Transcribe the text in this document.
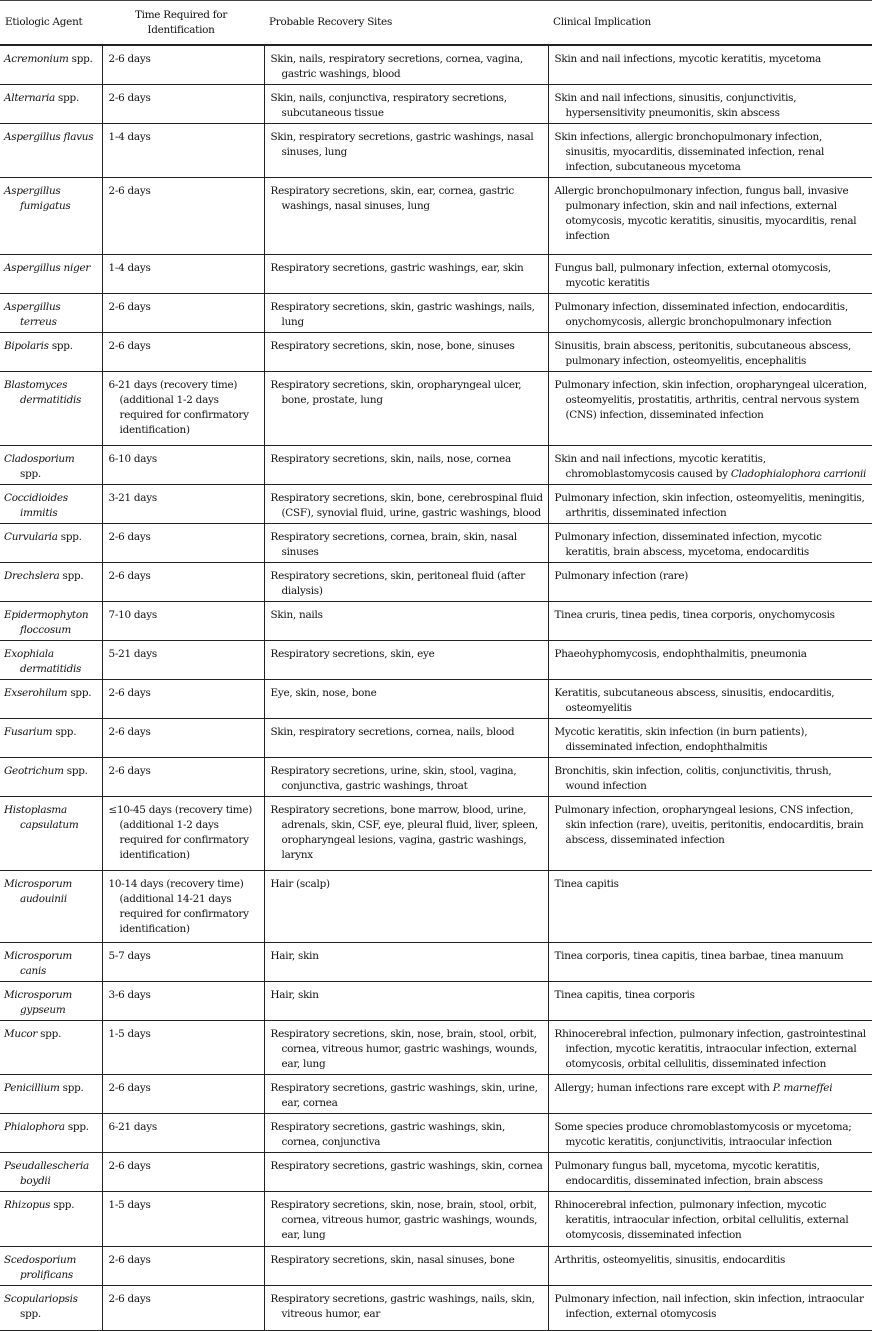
Etiologic Agent	Time Required for Identification	Probable Recovery Sites	Clinical Implication

Acremonium spp.	2-6 days	Skin, nails, respiratory secretions, cornea, vagina, gastric washings, blood	Skin and nail infections, mycotic keratitis, mycetoma

Alternaria spp.	2-6 days	Skin, nails, conjunctiva, respiratory secretions, subcutaneous tissue	Skin and nail infections, sinusitis, conjunctivitis, hypersensitivity pneumonitis, skin abscess

Aspergillus flavus	1-4 days	Skin, respiratory secretions, gastric washings, nasal sinuses, lung	Skin infections, allergic bronchopulmonary infection, sinusitis, myocarditis, disseminated infection, renal infection, subcutaneous mycetoma

Aspergillus fumigatus	2-6 days	Respiratory secretions, skin, ear, cornea, gastric washings, nasal sinuses, lung	Allergic bronchopulmonary infection, fungus ball, invasive pulmonary infection, skin and nail infections, external otomycosis, mycotic keratitis, sinusitis, myocarditis, renal infection

Aspergillus niger	1-4 days	Respiratory secretions, gastric washings, ear, skin	Fungus ball, pulmonary infection, external otomycosis, mycotic keratitis

Aspergillus terreus	2-6 days	Respiratory secretions, skin, gastric washings, nails, lung	Pulmonary infection, disseminated infection, endocarditis, onychomycosis, allergic bronchopulmonary infection

Bipolaris spp.	2-6 days	Respiratory secretions, skin, nose, bone, sinuses	Sinusitis, brain abscess, peritonitis, subcutaneous abscess, pulmonary infection, osteomyelitis, encephalitis

Blastomyces dermatitidis	6-21 days (recovery time) (additional 1-2 days required for confirmatory identification)	Respiratory secretions, skin, oropharyngeal ulcer, bone, prostate, lung	Pulmonary infection, skin infection, oropharyngeal ulceration, osteomyelitis, prostatitis, arthritis, central nervous system (CNS) infection, disseminated infection

Cladosporium spp.	6-10 days	Respiratory secretions, skin, nails, nose, cornea	Skin and nail infections, mycotic keratitis, chromoblastomycosis caused by Cladophialophora carrionii

Coccidioides immitis	3-21 days	Respiratory secretions, skin, bone, cerebrospinal fluid (CSF), synovial fluid, urine, gastric washings, blood	Pulmonary infection, skin infection, osteomyelitis, meningitis, arthritis, disseminated infection

Curvularia spp.	2-6 days	Respiratory secretions, cornea, brain, skin, nasal sinuses	Pulmonary infection, disseminated infection, mycotic keratitis, brain abscess, mycetoma, endocarditis

Drechslera spp.	2-6 days	Respiratory secretions, skin, peritoneal fluid (after dialysis)	Pulmonary infection (rare)

Epidermophyton floccosum	7-10 days	Skin, nails	Tinea cruris, tinea pedis, tinea corporis, onychomycosis

Exophiala dermatitidis	5-21 days	Respiratory secretions, skin, eye	Phaeohyphomycosis, endophthalmitis, pneumonia

Exserohilum spp.	2-6 days	Eye, skin, nose, bone	Keratitis, subcutaneous abscess, sinusitis, endocarditis, osteomyelitis

Fusarium spp.	2-6 days	Skin, respiratory secretions, cornea, nails, blood	Mycotic keratitis, skin infection (in burn patients), disseminated infection, endophthalmitis

Geotrichum spp.	2-6 days	Respiratory secretions, urine, skin, stool, vagina, conjunctiva, gastric washings, throat	Bronchitis, skin infection, colitis, conjunctivitis, thrush, wound infection

Histoplasma capsulatum	≤10-45 days (recovery time) (additional 1-2 days required for confirmatory identification)	Respiratory secretions, bone marrow, blood, urine, adrenals, skin, CSF, eye, pleural fluid, liver, spleen, oropharyngeal lesions, vagina, gastric washings, larynx	Pulmonary infection, oropharyngeal lesions, CNS infection, skin infection (rare), uveitis, peritonitis, endocarditis, brain abscess, disseminated infection

Microsporum audouinii	10-14 days (recovery time) (additional 14-21 days required for confirmatory identification)	Hair (scalp)	Tinea capitis

Microsporum canis	5-7 days	Hair, skin	Tinea corporis, tinea capitis, tinea barbae, tinea manuum

Microsporum gypseum	3-6 days	Hair, skin	Tinea capitis, tinea corporis

Mucor spp.	1-5 days	Respiratory secretions, skin, nose, brain, stool, orbit, cornea, vitreous humor, gastric washings, wounds, ear, lung	Rhinocerebral infection, pulmonary infection, gastrointestinal infection, mycotic keratitis, intraocular infection, external otomycosis, orbital cellulitis, disseminated infection

Penicillium spp.	2-6 days	Respiratory secretions, gastric washings, skin, urine, ear, cornea	Allergy; human infections rare except with P. marneffei

Phialophora spp.	6-21 days	Respiratory secretions, gastric washings, skin, cornea, conjunctiva	Some species produce chromoblastomycosis or mycetoma; mycotic keratitis, conjunctivitis, intraocular infection

Pseudallescheria boydii	2-6 days	Respiratory secretions, gastric washings, skin, cornea	Pulmonary fungus ball, mycetoma, mycotic keratitis, endocarditis, disseminated infection, brain abscess

Rhizopus spp.	1-5 days	Respiratory secretions, skin, nose, brain, stool, orbit, cornea, vitreous humor, gastric washings, wounds, ear, lung	Rhinocerebral infection, pulmonary infection, mycotic keratitis, intraocular infection, orbital cellulitis, external otomycosis, disseminated infection

Scedosporium prolificans	2-6 days	Respiratory secretions, skin, nasal sinuses, bone	Arthritis, osteomyelitis, sinusitis, endocarditis

Scopulariopsis spp.	2-6 days	Respiratory secretions, gastric washings, nails, skin, vitreous humor, ear	Pulmonary infection, nail infection, skin infection, intraocular infection, external otomycosis
